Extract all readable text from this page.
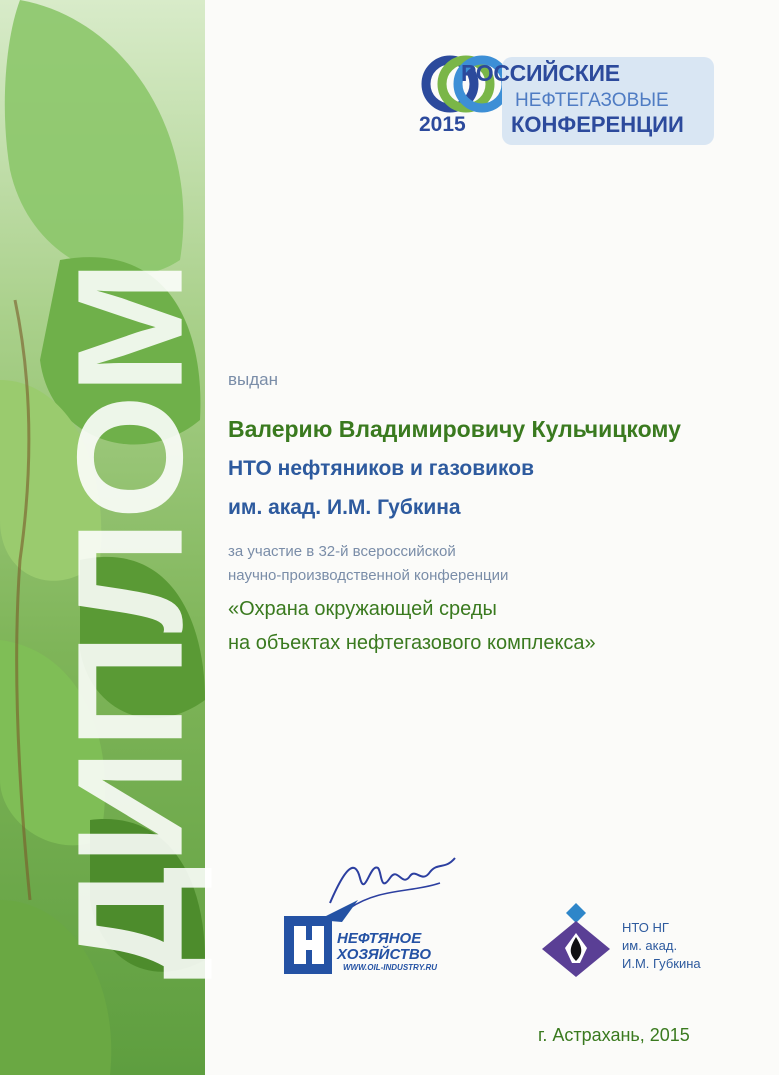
ДИПЛОМ
РОССИЙСКИЕ
НЕФТЕГАЗОВЫЕ
КОНФЕРЕНЦИИ
2015
выдан
Валерию Владимировичу Кульчицкому
НТО нефтяников и газовиков
им. акад. И.М. Губкина
за участие в 32-й всероссийской
научно-производственной конференции
«Охрана окружающей среды
на объектах нефтегазового комплекса»
НЕФТЯНОЕ
ХОЗЯЙСТВО
WWW.OIL-INDUSTRY.RU
НТО НГ
им. акад.
И.М. Губкина
г. Астрахань, 2015
